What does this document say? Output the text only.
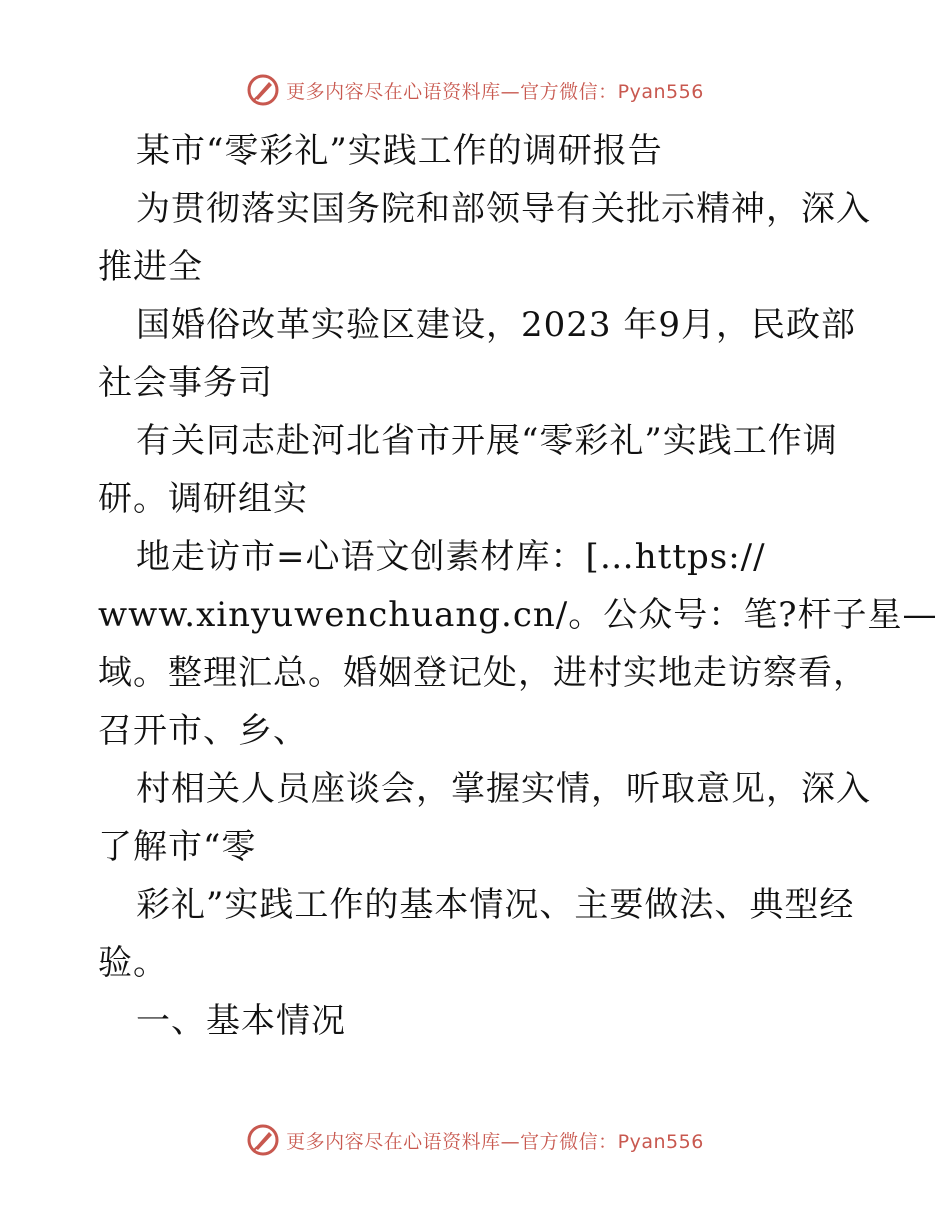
更多内容尽在心语资料库—官方微信：Pyan556
某市“零彩礼”实践工作的调研报告
为贯彻落实国务院和部领导有关批示精神，深入
推进全
国婚俗改革实验区建设，2023 年9月，民政部
社会事务司
有关同志赴河北省市开展“零彩礼”实践工作调
研。调研组实
地走访市=心语文创素材库：[…https://
www.xinyuwenchuang.cn/。公众号：笔?杆子星—
域。整理汇总。婚姻登记处，进村实地走访察看，
召开市、乡、
村相关人员座谈会，掌握实情，听取意见，深入
了解市“零
彩礼”实践工作的基本情况、主要做法、典型经
验。
一、基本情况
更多内容尽在心语资料库—官方微信：Pyan556
